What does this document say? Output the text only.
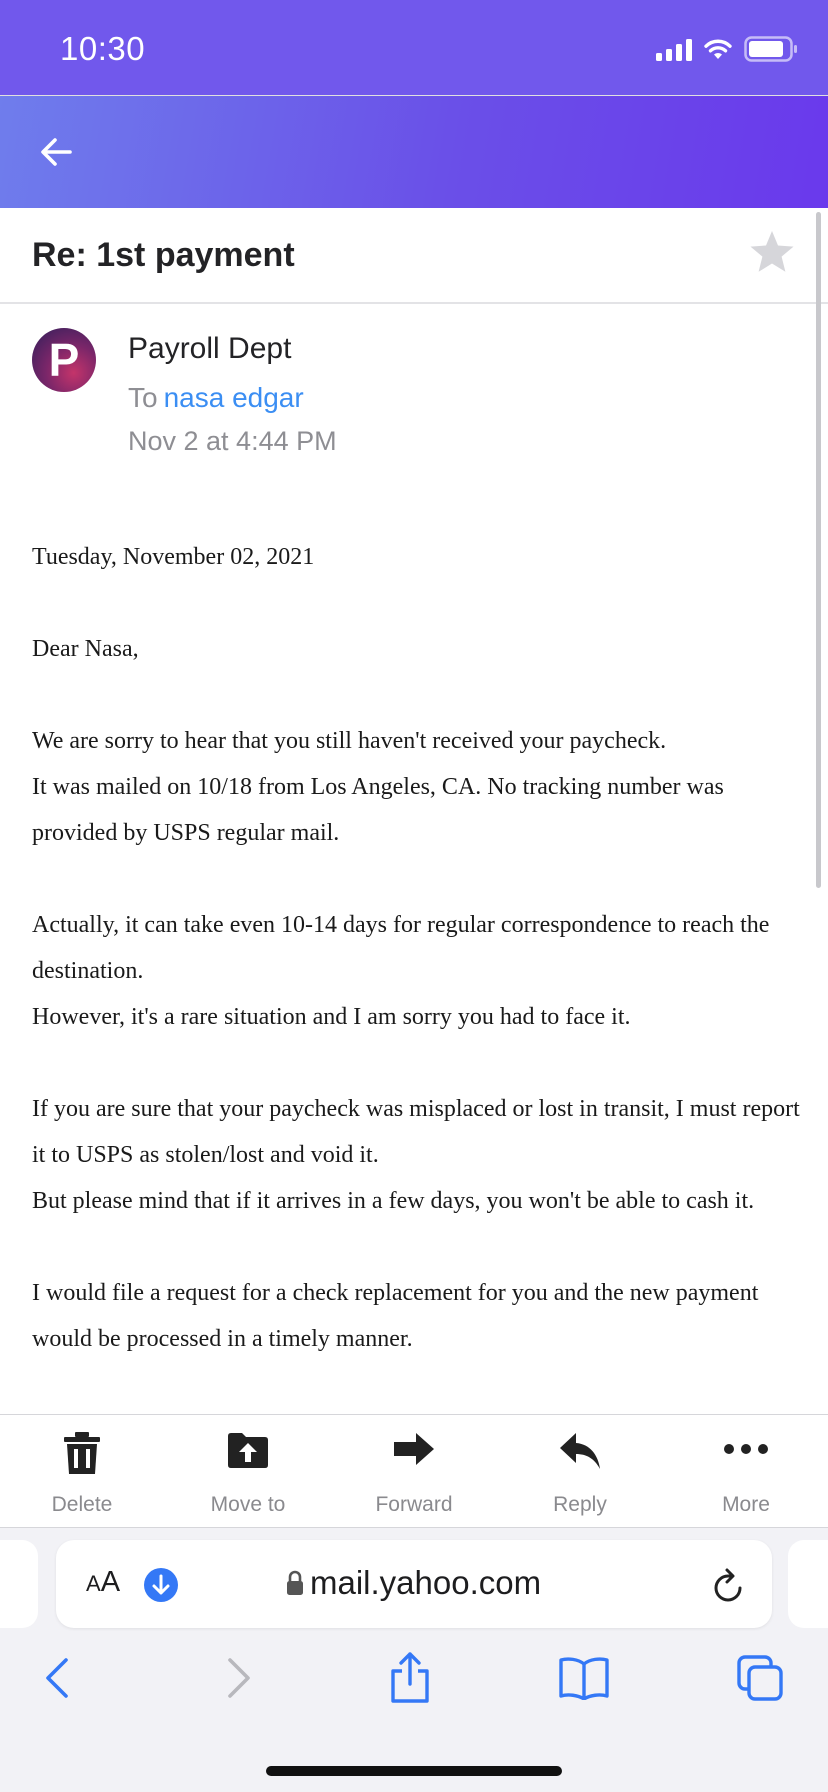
10:30
Re: 1st payment
P	Payroll Dept
To nasa edgar
Nov 2 at 4:44 PM

Tuesday, November 02, 2021

Dear Nasa,

We are sorry to hear that you still haven't received your paycheck.

It was mailed on 10/18 from Los Angeles, CA. No tracking number was provided by USPS regular mail.

Actually, it can take even 10-14 days for regular correspondence to reach the destination.

However, it's a rare situation and I am sorry you had to face it.

If you are sure that your paycheck was misplaced or lost in transit, I must report it to USPS as stolen/lost and void it.

But please mind that if it arrives in a few days, you won't be able to cash it.

I would file a request for a check replacement for you and the new payment would be processed in a timely manner.

Delete	Move to	Forward	Reply	More
AA	mail.yahoo.com
